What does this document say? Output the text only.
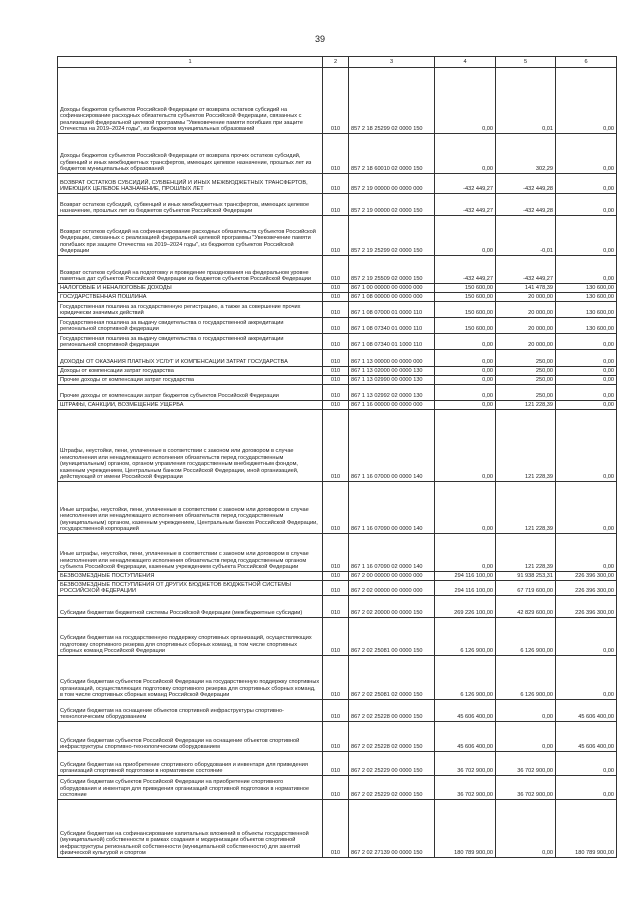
39
1	2	3	4	5	6
Доходы бюджетов субъектов Российской Федерации от возврата остатков субсидий на софинансирование расходных обязательств субъектов Российской Федерации, связанных с реализацией федеральной целевой программы "Увековечение памяти погибших при защите Отечества на 2019–2024 годы", из бюджетов муниципальных образований	010	857 2 18 25299 02 0000 150	0,00	0,01	0,00
Доходы бюджетов субъектов Российской Федерации от возврата прочих остатков субсидий, субвенций и иных межбюджетных трансфертов, имеющих целевое назначение, прошлых лет из бюджетов муниципальных образований	010	857 2 18 60010 02 0000 150	0,00	302,29	0,00
ВОЗВРАТ ОСТАТКОВ СУБСИДИЙ, СУБВЕНЦИЙ И ИНЫХ МЕЖБЮДЖЕТНЫХ ТРАНСФЕРТОВ, ИМЕЮЩИХ ЦЕЛЕВОЕ НАЗНАЧЕНИЕ, ПРОШЛЫХ ЛЕТ	010	857 2 19 00000 00 0000 000	-432 449,27	-432 449,28	0,00
Возврат остатков субсидий, субвенций и иных межбюджетных трансфертов, имеющих целевое назначение, прошлых лет из бюджетов субъектов Российской Федерации	010	857 2 19 00000 02 0000 150	-432 449,27	-432 449,28	0,00
Возврат остатков субсидий на софинансирование расходных обязательств субъектов Российской Федерации, связанных с реализацией федеральной целевой программы "Увековечение памяти погибших при защите Отечества на 2019–2024 годы", из бюджетов субъектов Российской Федерации	010	857 2 19 25299 02 0000 150	0,00	-0,01	0,00
Возврат остатков субсидий на подготовку и проведение празднования на федеральном уровне памятных дат субъектов Российской Федерации из бюджетов субъектов Российской Федерации	010	857 2 19 25509 02 0000 150	-432 449,27	-432 449,27	0,00
НАЛОГОВЫЕ И НЕНАЛОГОВЫЕ ДОХОДЫ	010	867 1 00 00000 00 0000 000	150 600,00	141 478,39	130 600,00
ГОСУДАРСТВЕННАЯ ПОШЛИНА	010	867 1 08 00000 00 0000 000	150 600,00	20 000,00	130 600,00
Государственная пошлина за государственную регистрацию, а также за совершение прочих юридически значимых действий	010	867 1 08 07000 01 0000 110	150 600,00	20 000,00	130 600,00
Государственная пошлина за выдачу свидетельства о государственной аккредитации региональной спортивной федерации	010	867 1 08 07340 01 0000 110	150 600,00	20 000,00	130 600,00
Государственная пошлина за выдачу свидетельства о государственной аккредитации региональной спортивной федерации	010	867 1 08 07340 01 1000 110	0,00	20 000,00	0,00
ДОХОДЫ ОТ ОКАЗАНИЯ ПЛАТНЫХ УСЛУГ И КОМПЕНСАЦИИ ЗАТРАТ ГОСУДАРСТВА	010	867 1 13 00000 00 0000 000	0,00	250,00	0,00
Доходы от компенсации затрат государства	010	867 1 13 02000 00 0000 130	0,00	250,00	0,00
Прочие доходы от компенсации затрат государства	010	867 1 13 02990 00 0000 130	0,00	250,00	0,00
Прочие доходы от компенсации затрат бюджетов субъектов Российской Федерации	010	867 1 13 02992 02 0000 130	0,00	250,00	0,00
ШТРАФЫ, САНКЦИИ, ВОЗМЕЩЕНИЕ УЩЕРБА	010	867 1 16 00000 00 0000 000	0,00	121 228,39	0,00
Штрафы, неустойки, пени, уплаченные в соответствии с законом или договором в случае неисполнения или ненадлежащего исполнения обязательств перед государственным (муниципальным) органом, органом управления государственным внебюджетным фондом, казенным учреждением, Центральным банком Российской Федерации, иной организацией, действующей от имени Российской Федерации	010	867 1 16 07000 00 0000 140	0,00	121 228,39	0,00
Иные штрафы, неустойки, пени, уплаченные в соответствии с законом или договором в случае неисполнения или ненадлежащего исполнения обязательств перед государственным (муниципальным) органом, казенным учреждением, Центральным банком Российской Федерации, государственной корпорацией	010	867 1 16 07090 00 0000 140	0,00	121 228,39	0,00
Иные штрафы, неустойки, пени, уплаченные в соответствии с законом или договором в случае неисполнения или ненадлежащего исполнения обязательств перед государственным органом субъекта Российской Федерации, казенным учреждением субъекта Российской Федерации	010	867 1 16 07090 02 0000 140	0,00	121 228,39	0,00
БЕЗВОЗМЕЗДНЫЕ ПОСТУПЛЕНИЯ	010	867 2 00 00000 00 0000 000	294 116 100,00	91 938 253,31	226 396 300,00
БЕЗВОЗМЕЗДНЫЕ ПОСТУПЛЕНИЯ ОТ ДРУГИХ БЮДЖЕТОВ БЮДЖЕТНОЙ СИСТЕМЫ РОССИЙСКОЙ ФЕДЕРАЦИИ	010	867 2 02 00000 00 0000 000	294 116 100,00	67 719 600,00	226 396 300,00
Субсидии бюджетам бюджетной системы Российской Федерации (межбюджетные субсидии)	010	867 2 02 20000 00 0000 150	269 226 100,00	42 829 600,00	226 396 300,00
Субсидии бюджетам на государственную поддержку спортивных организаций, осуществляющих подготовку спортивного резерва для спортивных сборных команд, в том числе спортивных сборных команд Российской Федерации	010	867 2 02 25081 00 0000 150	6 126 900,00	6 126 900,00	0,00
Субсидии бюджетам субъектов Российской Федерации на государственную поддержку спортивных организаций, осуществляющих подготовку спортивного резерва для спортивных сборных команд, в том числе спортивных сборных команд Российской Федерации	010	867 2 02 25081 02 0000 150	6 126 900,00	6 126 900,00	0,00
Субсидии бюджетам на оснащение объектов спортивной инфраструктуры спортивно-технологическим оборудованием	010	867 2 02 25228 00 0000 150	45 606 400,00	0,00	45 606 400,00
Субсидии бюджетам субъектов Российской Федерации на оснащение объектов спортивной инфраструктуры спортивно-технологическим оборудованием	010	867 2 02 25228 02 0000 150	45 606 400,00	0,00	45 606 400,00
Субсидии бюджетам на приобретение спортивного оборудования и инвентаря для приведения организаций спортивной подготовки в нормативное состояние	010	867 2 02 25229 00 0000 150	36 702 900,00	36 702 900,00	0,00
Субсидии бюджетам субъектов Российской Федерации на приобретение спортивного оборудования и инвентаря для приведения организаций спортивной подготовки в нормативное состояние	010	867 2 02 25229 02 0000 150	36 702 900,00	36 702 900,00	0,00
Субсидии бюджетам на софинансирование капитальных вложений в объекты государственной (муниципальной) собственности в рамках создания и модернизации объектов спортивной инфраструктуры региональной собственности (муниципальной собственности) для занятий физической культурой и спортом	010	867 2 02 27139 00 0000 150	180 789 900,00	0,00	180 789 900,00
